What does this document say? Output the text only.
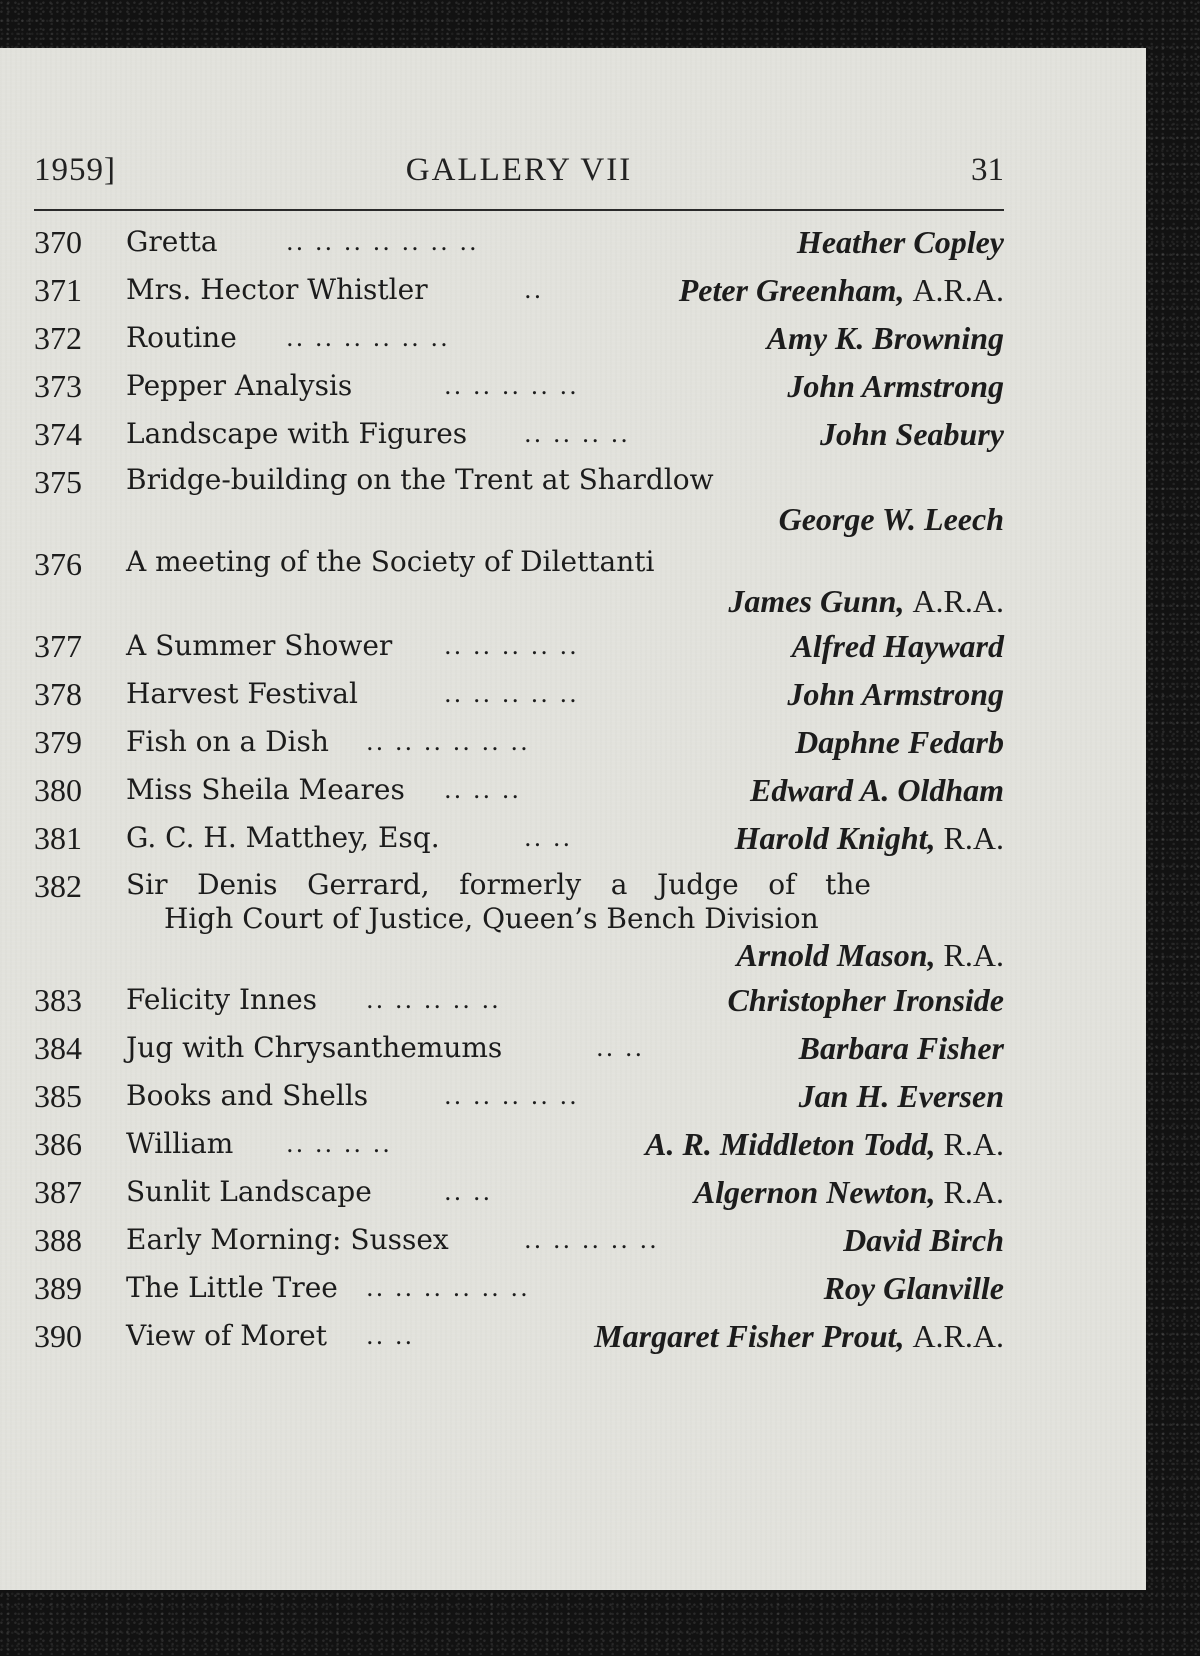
1959]	GALLERY VII	31
370	Gretta	.. .. .. .. .. .. ..	Heather Copley
371	Mrs. Hector Whistler	..	Peter Greenham, A.R.A.
372	Routine .. .. .. .. .. ..	Amy K. Browning
373	Pepper Analysis	.. .. .. .. ..	John Armstrong
374	Landscape with Figures .. .. .. ..	John Seabury
375	Bridge-building on the Trent at Shardlow
George W. Leech
376	A meeting of the Society of Dilettanti
James Gunn, A.R.A.
377	A Summer Shower .. .. .. .. ..	Alfred Hayward
378	Harvest Festival	.. .. .. .. ..	John Armstrong
379	Fish on a Dish .. .. .. .. .. ..	Daphne Fedarb
380	Miss Sheila Meares .. .. ..	Edward A. Oldham
381	G. C. H. Matthey, Esq.	.. ..	Harold Knight, R.A.
382	Sir Denis Gerrard, formerly a Judge of the
High Court of Justice, Queen’s Bench Division
Arnold Mason, R.A.
383	Felicity Innes .. .. .. .. ..	Christopher Ironside
384	Jug with Chrysanthemums	.. ..	Barbara Fisher
385	Books and Shells	.. .. .. .. ..	Jan H. Eversen
386	William .. .. .. ..	A. R. Middleton Todd, R.A.
387	Sunlit Landscape	.. ..	Algernon Newton, R.A.
388	Early Morning: Sussex	.. .. .. .. ..	David Birch
389	The Little Tree .. .. .. .. .. ..	Roy Glanville
390	View of Moret .. ..	Margaret Fisher Prout, A.R.A.
